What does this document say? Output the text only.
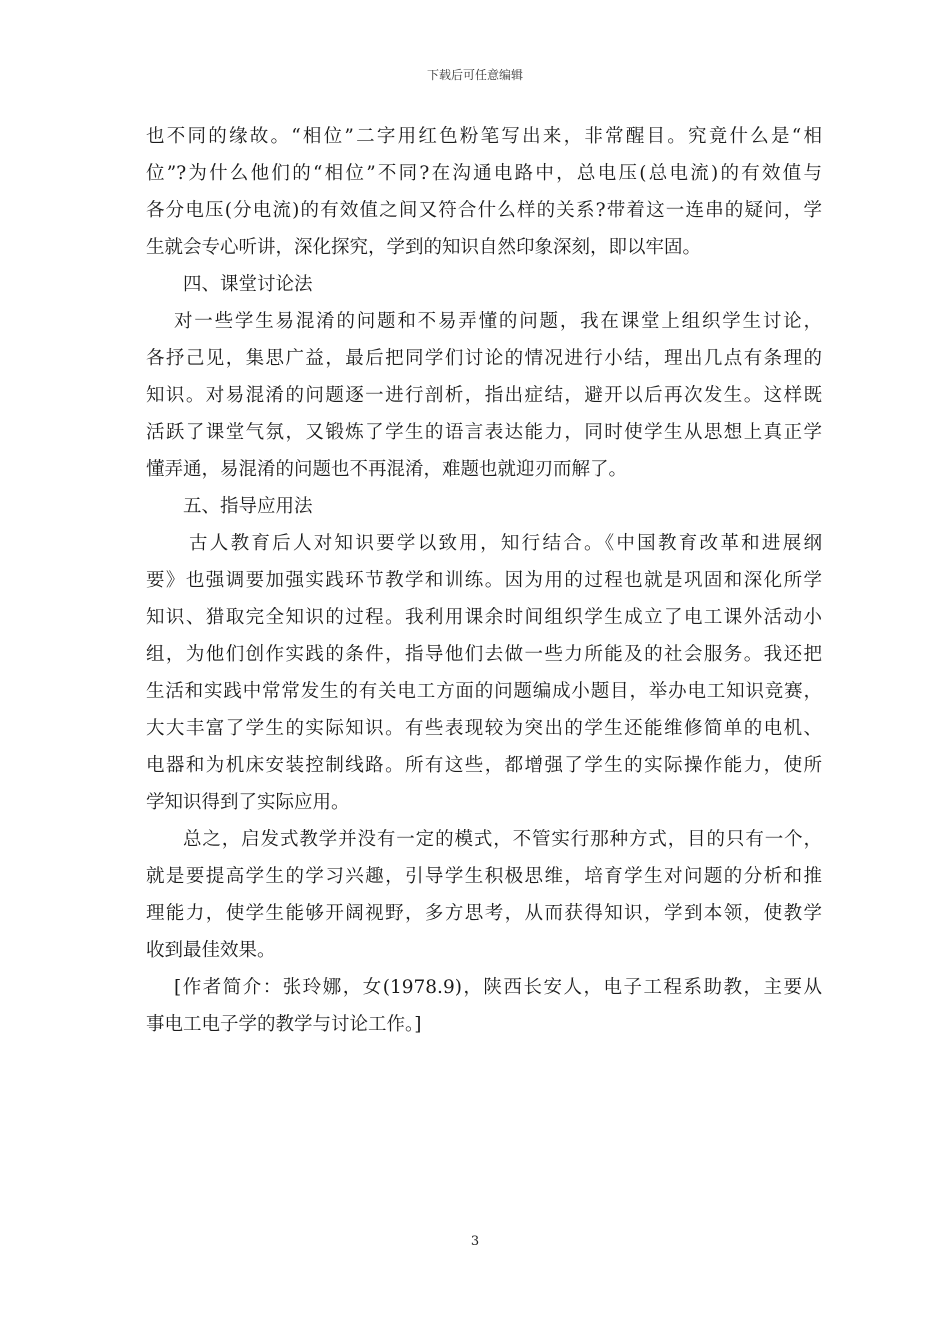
下载后可任意编辑
也不同的缘故。“相位”二字用红色粉笔写出来，非常醒目。究竟什么是“相
位”?为什么他们的“相位”不同?在沟通电路中，总电压(总电流)的有效值与
各分电压(分电流)的有效值之间又符合什么样的关系?带着这一连串的疑问，学
生就会专心听讲，深化探究，学到的知识自然印象深刻，即以牢固。
四、课堂讨论法
对一些学生易混淆的问题和不易弄懂的问题，我在课堂上组织学生讨论，
各抒己见，集思广益，最后把同学们讨论的情况进行小结，理出几点有条理的
知识。对易混淆的问题逐一进行剖析，指出症结，避开以后再次发生。这样既
活跃了课堂气氛，又锻炼了学生的语言表达能力，同时使学生从思想上真正学
懂弄通，易混淆的问题也不再混淆，难题也就迎刃而解了。
五、指导应用法
古人教育后人对知识要学以致用，知行结合。《中国教育改革和进展纲
要》也强调要加强实践环节教学和训练。因为用的过程也就是巩固和深化所学
知识、猎取完全知识的过程。我利用课余时间组织学生成立了电工课外活动小
组，为他们创作实践的条件，指导他们去做一些力所能及的社会服务。我还把
生活和实践中常常发生的有关电工方面的问题编成小题目，举办电工知识竞赛，
大大丰富了学生的实际知识。有些表现较为突出的学生还能维修简单的电机、
电器和为机床安装控制线路。所有这些，都增强了学生的实际操作能力，使所
学知识得到了实际应用。
总之，启发式教学并没有一定的模式，不管实行那种方式，目的只有一个，
就是要提高学生的学习兴趣，引导学生积极思维，培育学生对问题的分析和推
理能力，使学生能够开阔视野，多方思考，从而获得知识，学到本领，使教学
收到最佳效果。
[作者简介：张玲娜，女(1978.9)，陕西长安人，电子工程系助教，主要从
事电工电子学的教学与讨论工作。]
3
